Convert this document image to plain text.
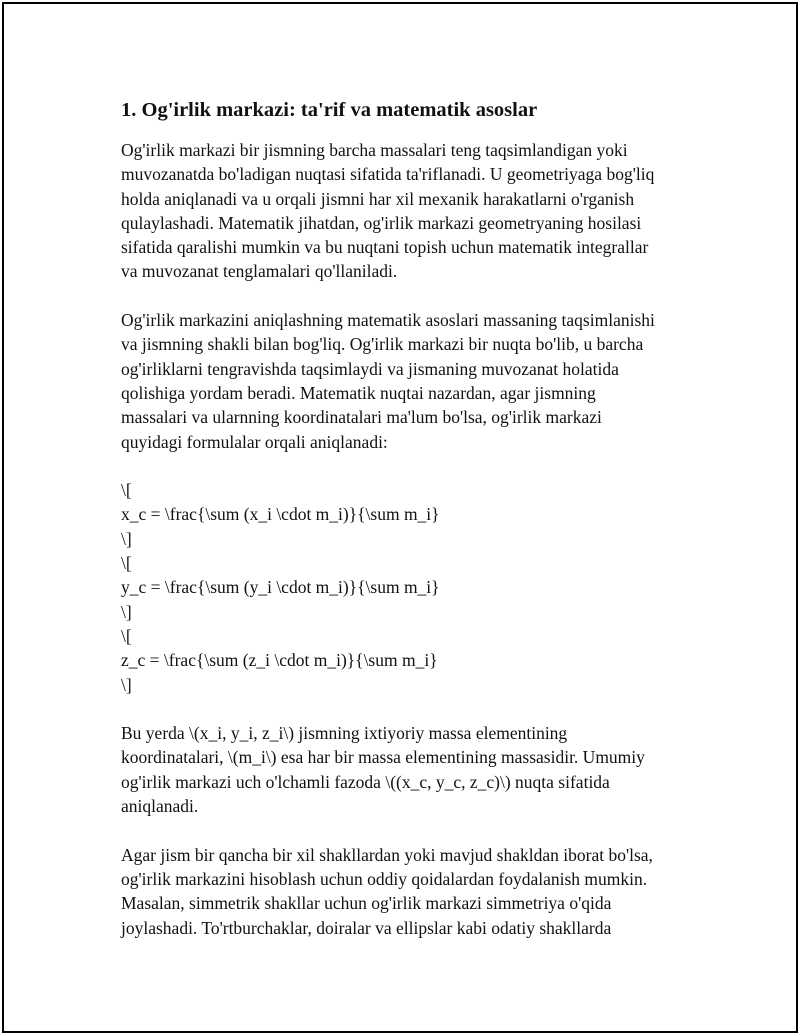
1. Og'irlik markazi: ta'rif va matematik asoslar

Og'irlik markazi bir jismning barcha massalari teng taqsimlandigan yoki
muvozanatda bo'ladigan nuqtasi sifatida ta'riflanadi. U geometriyaga bog'liq
holda aniqlanadi va u orqali jismni har xil mexanik harakatlarni o'rganish
qulaylashadi. Matematik jihatdan, og'irlik markazi geometryaning hosilasi
sifatida qaralishi mumkin va bu nuqtani topish uchun matematik integrallar
va muvozanat tenglamalari qo'llaniladi.

Og'irlik markazini aniqlashning matematik asoslari massaning taqsimlanishi
va jismning shakli bilan bog'liq. Og'irlik markazi bir nuqta bo'lib, u barcha
og'irliklarni tengravishda taqsimlaydi va jismaning muvozanat holatida
qolishiga yordam beradi. Matematik nuqtai nazardan, agar jismning
massalari va ularnning koordinatalari ma'lum bo'lsa, og'irlik markazi
quyidagi formulalar orqali aniqlanadi:

\[
x_c = \frac{\sum (x_i \cdot m_i)}{\sum m_i}
\]
\[
y_c = \frac{\sum (y_i \cdot m_i)}{\sum m_i}
\]
\[
z_c = \frac{\sum (z_i \cdot m_i)}{\sum m_i}
\]

Bu yerda \(x_i, y_i, z_i\) jismning ixtiyoriy massa elementining
koordinatalari, \(m_i\) esa har bir massa elementining massasidir. Umumiy
og'irlik markazi uch o'lchamli fazoda \((x_c, y_c, z_c)\) nuqta sifatida
aniqlanadi.

Agar jism bir qancha bir xil shakllardan yoki mavjud shakldan iborat bo'lsa,
og'irlik markazini hisoblash uchun oddiy qoidalardan foydalanish mumkin.
Masalan, simmetrik shakllar uchun og'irlik markazi simmetriya o'qida
joylashadi. To'rtburchaklar, doiralar va ellipslar kabi odatiy shakllarda
